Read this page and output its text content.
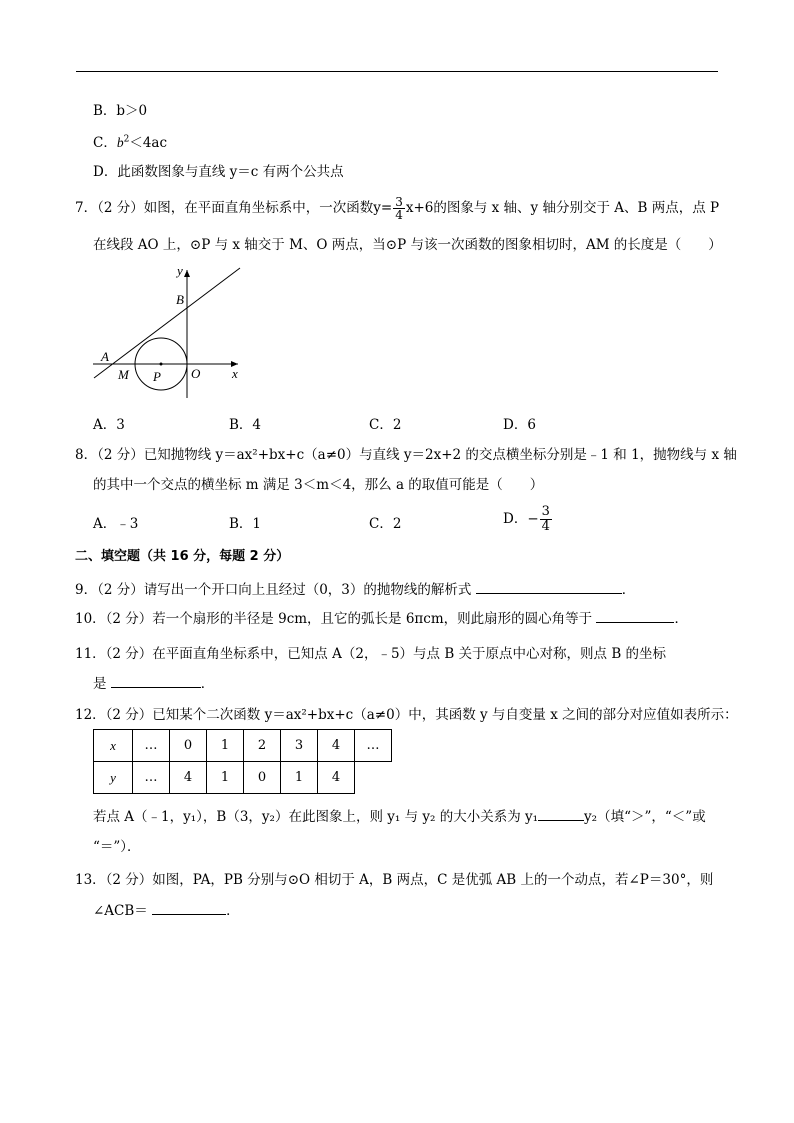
B．b＞0
C．$b^2<4ac$
D．此函数图象与直线 y＝c 有两个公共点
7．（2 分）如图，在平面直角坐标系中，一次函数$y= \frac{3}{4} x+6$的图象与 x 轴、y 轴分别交于 A、B 两点，点 P
在线段 AO 上，⊙P 与 x 轴交于 M、O 两点，当⊙P 与该一次函数的图象相切时，AM 的长度是（　　）
y
x
B
A
M P O
A．3	B．4	C．2	D．6
8．（2 分）已知抛物线 y＝ax²+bx+c（a≠0）与直线 y＝2x+2 的交点横坐标分别是﹣1 和 1，抛物线与 x 轴
的其中一个交点的横坐标 m 满足 3＜m＜4，那么 a 的取值可能是（　　）
A．﹣3	B．1	C．2	D．− $\frac{3}{4}$
二、填空题（共 16 分，每题 2 分）
9．（2 分）请写出一个开口向上且经过（0，3）的抛物线的解析式	．
10．（2 分）若一个扇形的半径是 9cm，且它的弧长是 6πcm，则此扇形的圆心角等于	．
11．（2 分）在平面直角坐标系中，已知点 A（2，﹣5）与点 B 关于原点中心对称，则点 B 的坐标
是	．
12．（2 分）已知某个二次函数 y＝ax²+bx+c（a≠0）中，其函数 y 与自变量 x 之间的部分对应值如表所示：
x	…	0	1	2	3	4	…
y	…	4	1	0	1	4	
若点 A（﹣1，y₁），B（3，y₂）在此图象上，则 y₁ 与 y₂ 的大小关系为 y₁	y₂（填“＞”，“＜”或
“＝”）．
13．（2 分）如图，PA，PB 分别与⊙O 相切于 A，B 两点，C 是优弧 AB 上的一个动点，若∠P＝30°，则
∠ACB＝	．
